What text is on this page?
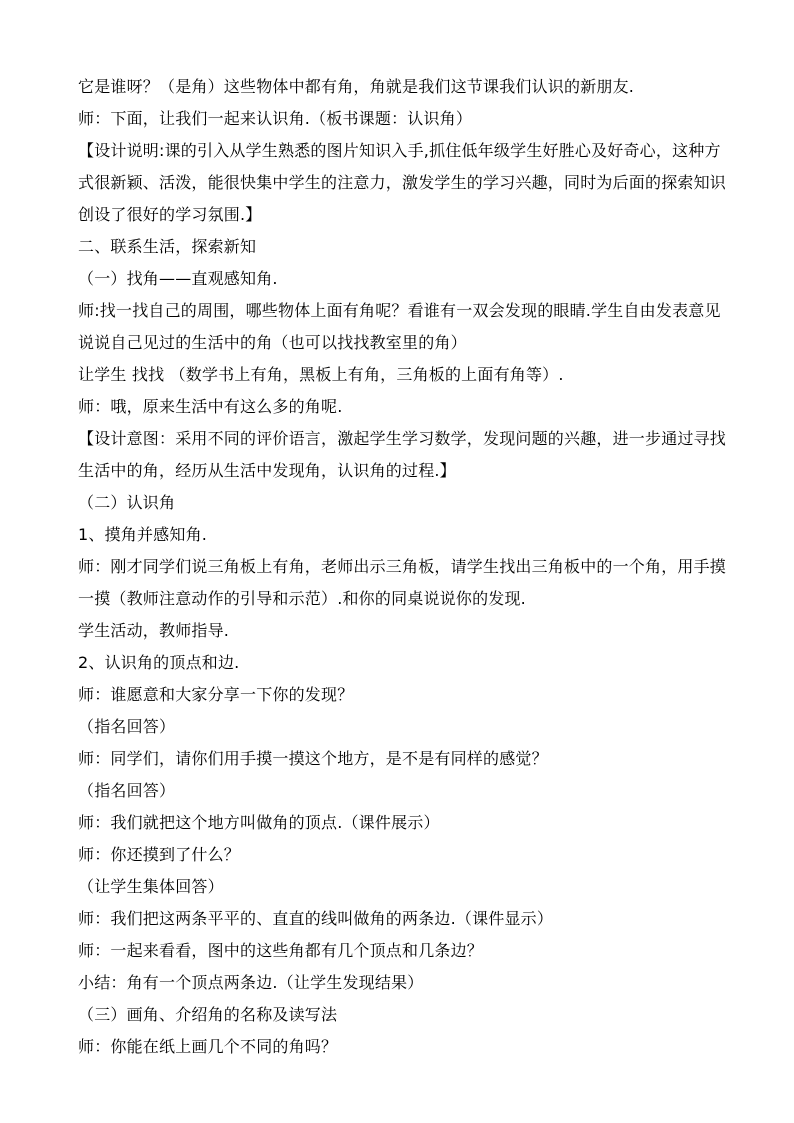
它是谁呀？（是角）这些物体中都有角，角就是我们这节课我们认识的新朋友.
师：下面，让我们一起来认识角.（板书课题：认识角）
【设计说明:课的引入从学生熟悉的图片知识入手,抓住低年级学生好胜心及好奇心，这种方
式很新颖、活泼，能很快集中学生的注意力，激发学生的学习兴趣，同时为后面的探索知识
创设了很好的学习氛围.】
二、联系生活，探索新知
（一）找角——直观感知角.
师:找一找自己的周围，哪些物体上面有角呢？看谁有一双会发现的眼睛.学生自由发表意见
说说自己见过的生活中的角（也可以找找教室里的角）
让学生 找找 （数学书上有角，黑板上有角，三角板的上面有角等）.
师：哦，原来生活中有这么多的角呢.
【设计意图：采用不同的评价语言，激起学生学习数学，发现问题的兴趣，进一步通过寻找
生活中的角，经历从生活中发现角，认识角的过程.】
（二）认识角
1、摸角并感知角.
师：刚才同学们说三角板上有角，老师出示三角板，请学生找出三角板中的一个角，用手摸
一摸（教师注意动作的引导和示范）.和你的同桌说说你的发现.
学生活动，教师指导.
2、认识角的顶点和边.
师：谁愿意和大家分享一下你的发现？
（指名回答）
师：同学们，请你们用手摸一摸这个地方，是不是有同样的感觉？
（指名回答）
师：我们就把这个地方叫做角的顶点.（课件展示）
师：你还摸到了什么？
（让学生集体回答）
师：我们把这两条平平的、直直的线叫做角的两条边.（课件显示）
师：一起来看看，图中的这些角都有几个顶点和几条边？
小结：角有一个顶点两条边.（让学生发现结果）
（三）画角、介绍角的名称及读写法
师：你能在纸上画几个不同的角吗？
